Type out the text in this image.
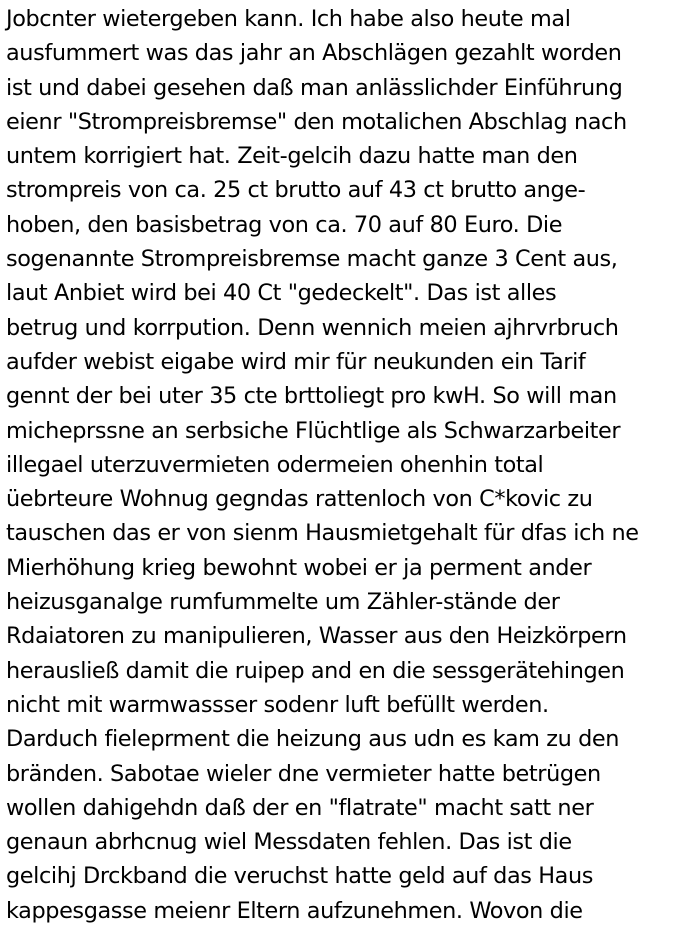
Jobcnter wietergeben kann. Ich habe also heute mal
ausfummert was das jahr an Abschlägen gezahlt worden
ist und dabei gesehen daß man anlässlichder Einführung
eienr "Strompreisbremse" den motalichen Abschlag nach
untem korrigiert hat. Zeit-gelcih dazu hatte man den
strompreis von ca. 25 ct brutto auf 43 ct brutto ange-
hoben, den basisbetrag von ca. 70 auf 80 Euro. Die
sogenannte Strompreisbremse macht ganze 3 Cent aus,
laut Anbiet wird bei 40 Ct "gedeckelt". Das ist alles
betrug und korrpution. Denn wennich meien ajhrvrbruch
aufder webist eigabe wird mir für neukunden ein Tarif
gennt der bei uter 35 cte brttoliegt pro kwH. So will man
micheprssne an serbsiche Flüchtlige als Schwarzarbeiter
illegael uterzuvermieten odermeien ohenhin total
üebrteure Wohnug gegndas rattenloch von C*kovic zu
tauschen das er von sienm Hausmietgehalt für dfas ich ne
Mierhöhung krieg bewohnt wobei er ja perment ander
heizusganalge rumfummelte um Zähler-stände der
Rdaiatoren zu manipulieren, Wasser aus den Heizkörpern
herausließ damit die ruipep and en die sessgerätehingen
nicht mit warmwassser sodenr luft befüllt werden.
Darduch fieleprment die heizung aus udn es kam zu den
bränden. Sabotae wieler dne vermieter hatte betrügen
wollen dahigehdn daß der en "flatrate" macht satt ner
genaun abrhcnug wiel Messdaten fehlen. Das ist die
gelcihj Drckband die veruchst hatte geld auf das Haus
kappesgasse meienr Eltern aufzunehmen. Wovon die
